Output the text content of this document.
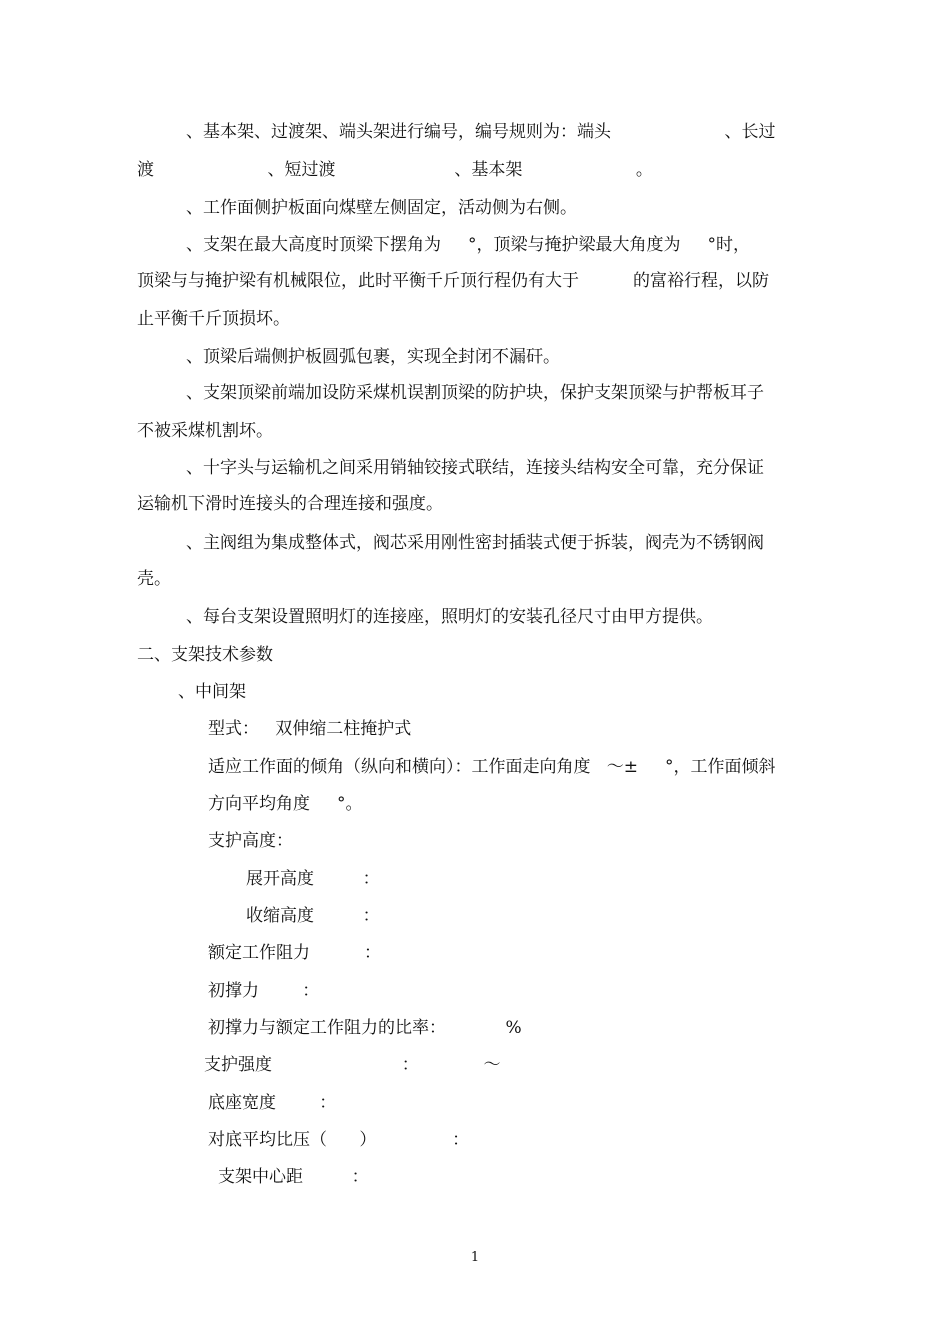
、基本架、过渡架、端头架进行编号，编号规则为：端头                     、长过
渡                     、短过渡                      、基本架                     。
、工作面侧护板面向煤壁左侧固定，活动侧为右侧。
、支架在最大高度时顶梁下摆角为     °，顶梁与掩护梁最大角度为     °时，
顶梁与与掩护梁有机械限位，此时平衡千斤顶行程仍有大于          的富裕行程，以防
止平衡千斤顶损坏。
、顶梁后端侧护板圆弧包裹，实现全封闭不漏矸。
、支架顶梁前端加设防采煤机误割顶梁的防护块，保护支架顶梁与护帮板耳子
不被采煤机割坏。
、十字头与运输机之间采用销轴铰接式联结，连接头结构安全可靠，充分保证
运输机下滑时连接头的合理连接和强度。
、主阀组为集成整体式，阀芯采用刚性密封插装式便于拆装，阀壳为不锈钢阀
壳。
、每台支架设置照明灯的连接座，照明灯的安装孔径尺寸由甲方提供。
二、支架技术参数
、中间架
型式：   双伸缩二柱掩护式
适应工作面的倾角（纵向和横向）：工作面走向角度   ～±     °，工作面倾斜
方向平均角度     °。
支护高度：
展开高度         ：
收缩高度         ：
额定工作阻力          ：
初撑力        ：
初撑力与额定工作阻力的比率：           %
支护强度                        ：            ～
底座宽度        ：
对底平均比压（      ）              ：
支架中心距         ：
1
